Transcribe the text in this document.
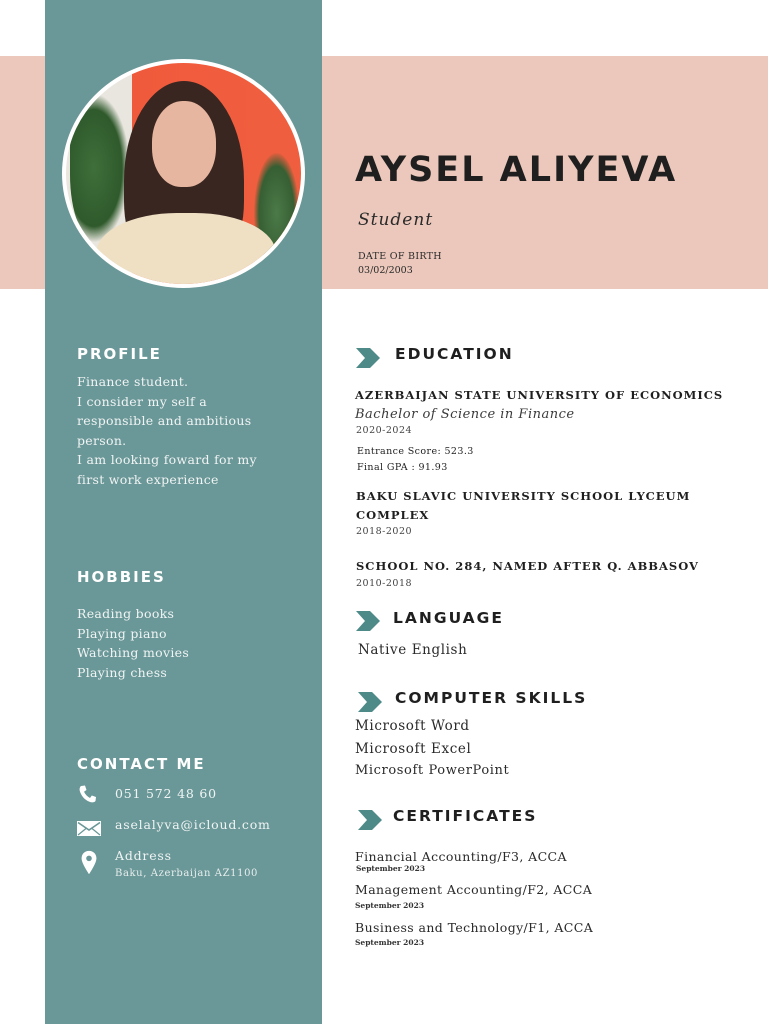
AYSEL ALIYEVA
Student
DATE OF BIRTH
03/02/2003
PROFILE
Finance student.
I consider my self a
responsible and ambitious
person.
I am looking foward for my
first work experience
HOBBIES
Reading books
Playing piano
Watching movies
Playing chess
CONTACT ME
051 572 48 60
aselalyva@icloud.com
Address
Baku, Azerbaijan AZ1100
EDUCATION
AZERBAIJAN STATE UNIVERSITY OF ECONOMICS
Bachelor of Science in Finance
2020-2024
Entrance Score: 523.3
Final GPA : 91.93
BAKU SLAVIC UNIVERSITY SCHOOL LYCEUM
COMPLEX
2018-2020
SCHOOL NO. 284, NAMED AFTER Q. ABBASOV
2010-2018
LANGUAGE
Native English
COMPUTER SKILLS
Microsoft Word
Microsoft Excel
Microsoft PowerPoint
CERTIFICATES
Financial Accounting/F3, ACCA
September 2023
Management Accounting/F2, ACCA
September 2023
Business and Technology/F1, ACCA
September 2023
